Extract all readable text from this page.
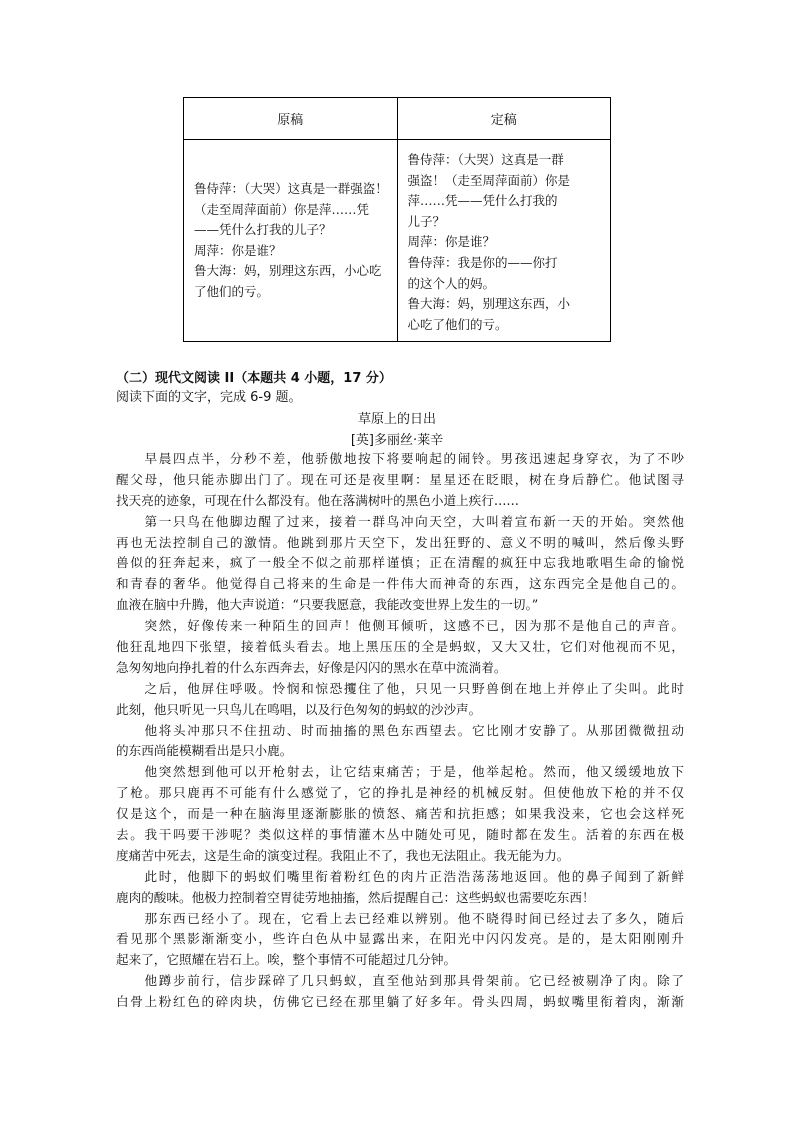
原稿	定稿
鲁侍萍：（大哭）这真是一群强盗！
（走至周萍面前）你是萍……凭
——凭什么打我的儿子？
周萍：你是谁？
鲁大海：妈，别理这东西，小心吃
了他们的亏。
鲁侍萍：（大哭）这真是一群
强盗！（走至周萍面前）你是
萍……凭——凭什么打我的
儿子？
周萍：你是谁？
鲁侍萍：我是你的——你打
的这个人的妈。
鲁大海：妈，别理这东西，小
心吃了他们的亏。
（二）现代文阅读 II（本题共 4 小题，17 分）
阅读下面的文字，完成 6-9 题。
草原上的日出
[英]多丽丝·莱辛
　　早晨四点半，分秒不差，他骄傲地按下将要响起的闹铃。男孩迅速起身穿衣，为了不吵
醒父母，他只能赤脚出门了。现在可还是夜里啊：星星还在眨眼，树在身后静伫。他试图寻
找天亮的迹象，可现在什么都没有。他在落满树叶的黑色小道上疾行……
　　第一只鸟在他脚边醒了过来，接着一群鸟冲向天空，大叫着宣布新一天的开始。突然他
再也无法控制自己的激情。他跳到那片天空下，发出狂野的、意义不明的喊叫，然后像头野
兽似的狂奔起来，疯了一般全不似之前那样谨慎；正在清醒的疯狂中忘我地歌唱生命的愉悦
和青春的奢华。他觉得自己将来的生命是一件伟大而神奇的东西，这东西完全是他自己的。
血液在脑中升腾，他大声说道：“只要我愿意，我能改变世界上发生的一切。”
　　突然，好像传来一种陌生的回声！他侧耳倾听，这感不已，因为那不是他自己的声音。
他狂乱地四下张望，接着低头看去。地上黑压压的全是蚂蚁，又大又壮，它们对他视而不见，
急匆匆地向挣扎着的什么东西奔去，好像是闪闪的黑水在草中流淌着。
　　之后，他屏住呼吸。怜悯和惊恐攫住了他，只见一只野兽倒在地上并停止了尖叫。此时
此刻，他只听见一只鸟儿在鸣唱，以及行色匆匆的蚂蚁的沙沙声。
　　他将头冲那只不住扭动、时而抽搐的黑色东西望去。它比刚才安静了。从那团微微扭动
的东西尚能模糊看出是只小鹿。
　　他突然想到他可以开枪射去，让它结束痛苦；于是，他举起枪。然而，他又缓缓地放下
了枪。那只鹿再不可能有什么感觉了，它的挣扎是神经的机械反射。但使他放下枪的并不仅
仅是这个，而是一种在脑海里逐渐膨胀的愤怒、痛苦和抗拒感；如果我没来，它也会这样死
去。我干吗要干涉呢？类似这样的事情灌木丛中随处可见，随时都在发生。活着的东西在极
度痛苦中死去，这是生命的演变过程。我阻止不了，我也无法阻止。我无能为力。
　　此时，他脚下的蚂蚁们嘴里衔着粉红色的肉片正浩浩荡荡地返回。他的鼻子闻到了新鲜
鹿肉的酸味。他极力控制着空胃徒劳地抽搐，然后提醒自己：这些蚂蚁也需要吃东西！
　　那东西已经小了。现在，它看上去已经难以辨别。他不晓得时间已经过去了多久，随后
看见那个黑影渐渐变小，些许白色从中显露出来，在阳光中闪闪发亮。是的，是太阳刚刚升
起来了，它照耀在岩石上。唉，整个事情不可能超过几分钟。
　　他蹲步前行，信步踩碎了几只蚂蚁，直至他站到那具骨架前。它已经被剔净了肉。除了
白骨上粉红色的碎肉块，仿佛它已经在那里躺了好多年。骨头四周，蚂蚁嘴里衔着肉，渐渐
